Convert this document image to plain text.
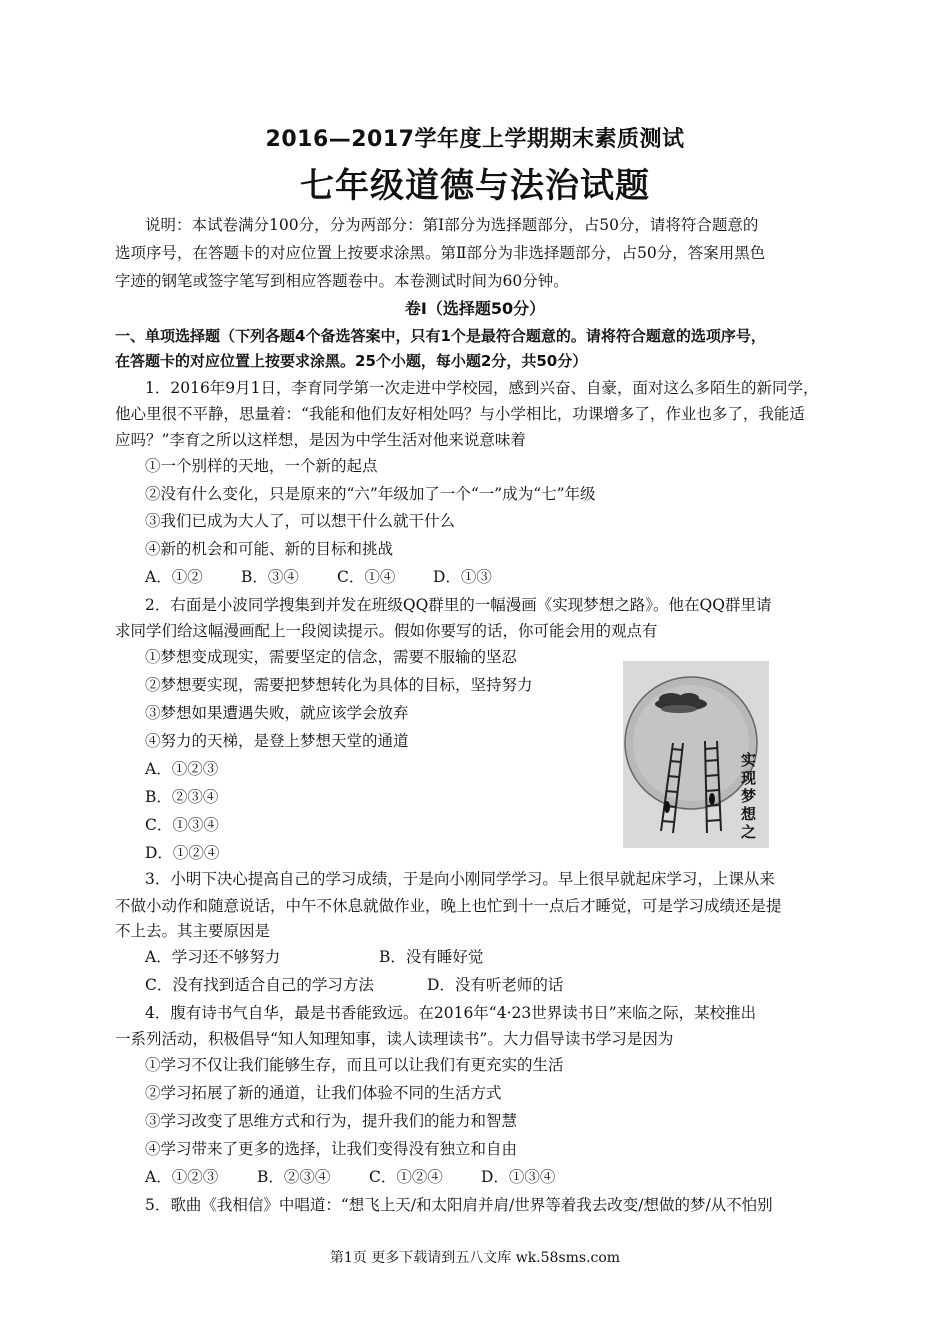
2016—2017学年度上学期期末素质测试
七年级道德与法治试题
说明：本试卷满分100分，分为两部分：第Ⅰ部分为选择题部分，占50分，请将符合题意的
选项序号，在答题卡的对应位置上按要求涂黑。第Ⅱ部分为非选择题部分，占50分，答案用黑色
字迹的钢笔或签字笔写到相应答题卷中。本卷测试时间为60分钟。
卷Ⅰ（选择题50分）
一、单项选择题（下列各题4个备选答案中，只有1个是最符合题意的。请将符合题意的选项序号，
在答题卡的对应位置上按要求涂黑。25个小题，每小题2分，共50分）
1．2016年9月1日，李育同学第一次走进中学校园，感到兴奋、自豪，面对这么多陌生的新同学，
他心里很不平静，思量着：“我能和他们友好相处吗？与小学相比，功课增多了，作业也多了，我能适
应吗？”李育之所以这样想，是因为中学生活对他来说意味着
①一个别样的天地，一个新的起点
②没有什么变化，只是原来的“六”年级加了一个“一”成为“七”年级
③我们已成为大人了，可以想干什么就干什么
④新的机会和可能、新的目标和挑战
A．①② B．③④ C．①④ D．①③
2．右面是小波同学搜集到并发在班级QQ群里的一幅漫画《实现梦想之路》。他在QQ群里请
求同学们给这幅漫画配上一段阅读提示。假如你要写的话，你可能会用的观点有
①梦想变成现实，需要坚定的信念，需要不服输的坚忍
②梦想要实现，需要把梦想转化为具体的目标，坚持努力
③梦想如果遭遇失败，就应该学会放弃
④努力的天梯，是登上梦想天堂的通道
A．①②③
B．②③④
C．①③④
D．①②④
实
现
梦
想
之
3．小明下决心提高自己的学习成绩，于是向小刚同学学习。早上很早就起床学习，上课从来
不做小动作和随意说话，中午不休息就做作业，晚上也忙到十一点后才睡觉，可是学习成绩还是提
不上去。其主要原因是
A．学习还不够努力	B．没有睡好觉
C．没有找到适合自己的学习方法	D．没有听老师的话
4．腹有诗书气自华，最是书香能致远。在2016年“4·23世界读书日”来临之际，某校推出
一系列活动，积极倡导“知人知理知事，读人读理读书”。大力倡导读书学习是因为
①学习不仅让我们能够生存，而且可以让我们有更充实的生活
②学习拓展了新的通道，让我们体验不同的生活方式
③学习改变了思维方式和行为，提升我们的能力和智慧
④学习带来了更多的选择，让我们变得没有独立和自由
A．①②③	B．②③④ C．①②④ D．①③④
5．歌曲《我相信》中唱道：“想飞上天/和太阳肩并肩/世界等着我去改变/想做的梦/从不怕别
第1页 更多下载请到五八文库 wk.58sms.com
